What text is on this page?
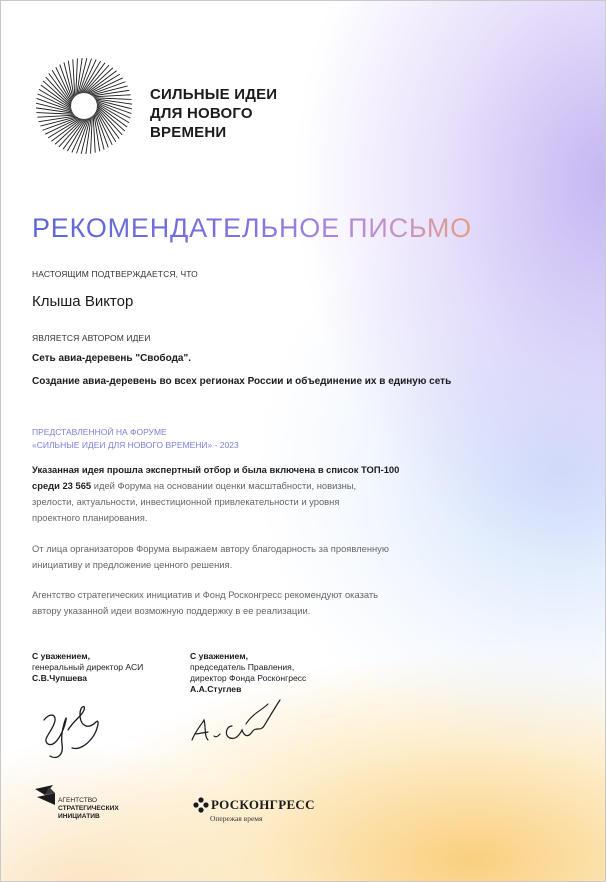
СИЛЬНЫЕ ИДЕИ
ДЛЯ НОВОГО
ВРЕМЕНИ
РЕКОМЕНДАТЕЛЬНОЕ ПИСЬМО
НАСТОЯЩИМ ПОДТВЕРЖДАЕТСЯ, ЧТО
Клыша Виктор
ЯВЛЯЕТСЯ АВТОРОМ ИДЕИ
Сеть авиа-деревень "Свобода".
Создание авиа-деревень во всех регионах России и объединение их в единую сеть
ПРЕДСТАВЛЕННОЙ НА ФОРУМЕ
«СИЛЬНЫЕ ИДЕИ ДЛЯ НОВОГО ВРЕМЕНИ» - 2023
Указанная идея прошла экспертный отбор и была включена в список ТОП-100
среди 23 565 идей Форума на основании оценки масштабности, новизны,
зрелости, актуальности, инвестиционной привлекательности и уровня
проектного планирования.
От лица организаторов Форума выражаем автору благодарность за проявленную
инициативу и предложение ценного решения.
Агентство стратегических инициатив и Фонд Росконгресс рекомендуют оказать
автору указанной идеи возможную поддержку в ее реализации.
С уважением,
генеральный директор АСИ
С.В.Чупшева
С уважением,
председатель Правления,
директор Фонда Росконгресс
А.А.Стуглев
АГЕНТСТВО
СТРАТЕГИЧЕСКИХ
ИНИЦИАТИВ
РОСКОНГРЕСС
Опережая время
